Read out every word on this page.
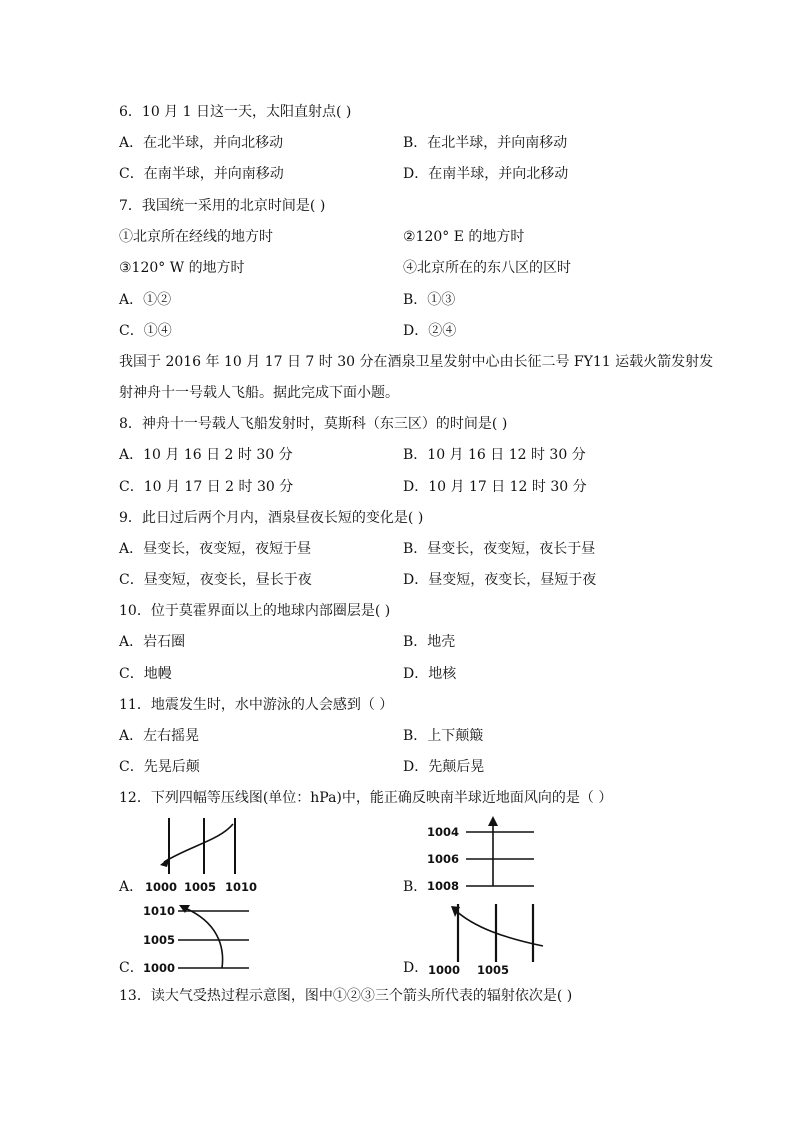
6．10 月 1 日这一天，太阳直射点( )
A．在北半球，并向北移动	B．在北半球，并向南移动
C．在南半球，并向南移动	D．在南半球，并向北移动
7．我国统一采用的北京时间是( )
①北京所在经线的地方时	②120° E 的地方时
③120° W 的地方时	④北京所在的东八区的区时
A．①②	B．①③
C．①④	D．②④
我国于 2016 年 10 月 17 日 7 时 30 分在酒泉卫星发射中心由长征二号 FY11 运载火箭发射发
射神舟十一号载人飞船。据此完成下面小题。
8．神舟十一号载人飞船发射时，莫斯科（东三区）的时间是( )
A．10 月 16 日 2 时 30 分	B．10 月 16 日 12 时 30 分
C．10 月 17 日 2 时 30 分	D．10 月 17 日 12 时 30 分
9．此日过后两个月内，酒泉昼夜长短的变化是( )
A．昼变长，夜变短，夜短于昼	B．昼变长，夜变短，夜长于昼
C．昼变短，夜变长，昼长于夜	D．昼变短，夜变长，昼短于夜
10．位于莫霍界面以上的地球内部圈层是( )
A．岩石圈	B．地壳
C．地幔	D．地核
11．地震发生时，水中游泳的人会感到（ ）
A．左右摇晃	B．上下颠簸
C．先晃后颠	D．先颠后晃
12．下列四幅等压线图(单位：hPa)中，能正确反映南半球近地面风向的是（ ）
A． 1000 1005 1010	B．
1004
1006
1008
C．
1010
1005
1000	D． 1000 1005
13．读大气受热过程示意图，图中①②③三个箭头所代表的辐射依次是( )
